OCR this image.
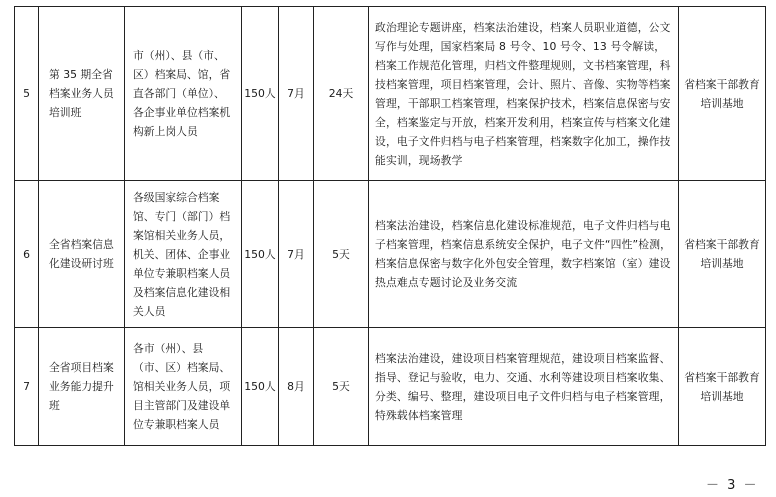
5	第 35 期全省档案业务人员培训班	市（州）、县（市、区）档案局、馆，省直各部门（单位）、各企事业单位档案机构新上岗人员	150人	7月	24天	政治理论专题讲座，档案法治建设，档案人员职业道德，公文写作与处理，国家档案局 8 号令、10 号令、13 号令解读，档案工作规范化管理，归档文件整理规则，文书档案管理，科技档案管理，项目档案管理，会计、照片、音像、实物等档案管理，干部职工档案管理，档案保护技术，档案信息保密与安全，档案鉴定与开放，档案开发利用，档案宣传与档案文化建设，电子文件归档与电子档案管理，档案数字化加工，操作技能实训，现场教学	省档案干部教育培训基地
6	全省档案信息化建设研讨班	各级国家综合档案馆、专门（部门）档案馆相关业务人员，机关、团体、企事业单位专兼职档案人员及档案信息化建设相关人员	150人	7月	5天	档案法治建设，档案信息化建设标准规范，电子文件归档与电子档案管理，档案信息系统安全保护，电子文件“四性”检测，档案信息保密与数字化外包安全管理，数字档案馆（室）建设热点难点专题讨论及业务交流	省档案干部教育培训基地
7	全省项目档案业务能力提升班	各市（州）、县（市、区）档案局、馆相关业务人员，项目主管部门及建设单位专兼职档案人员	150人	8月	5天	档案法治建设，建设项目档案管理规范，建设项目档案监督、指导、登记与验收，电力、交通、水利等建设项目档案收集、分类、编号、整理，建设项目电子文件归档与电子档案管理，特殊载体档案管理	省档案干部教育培训基地
－ 3 －
